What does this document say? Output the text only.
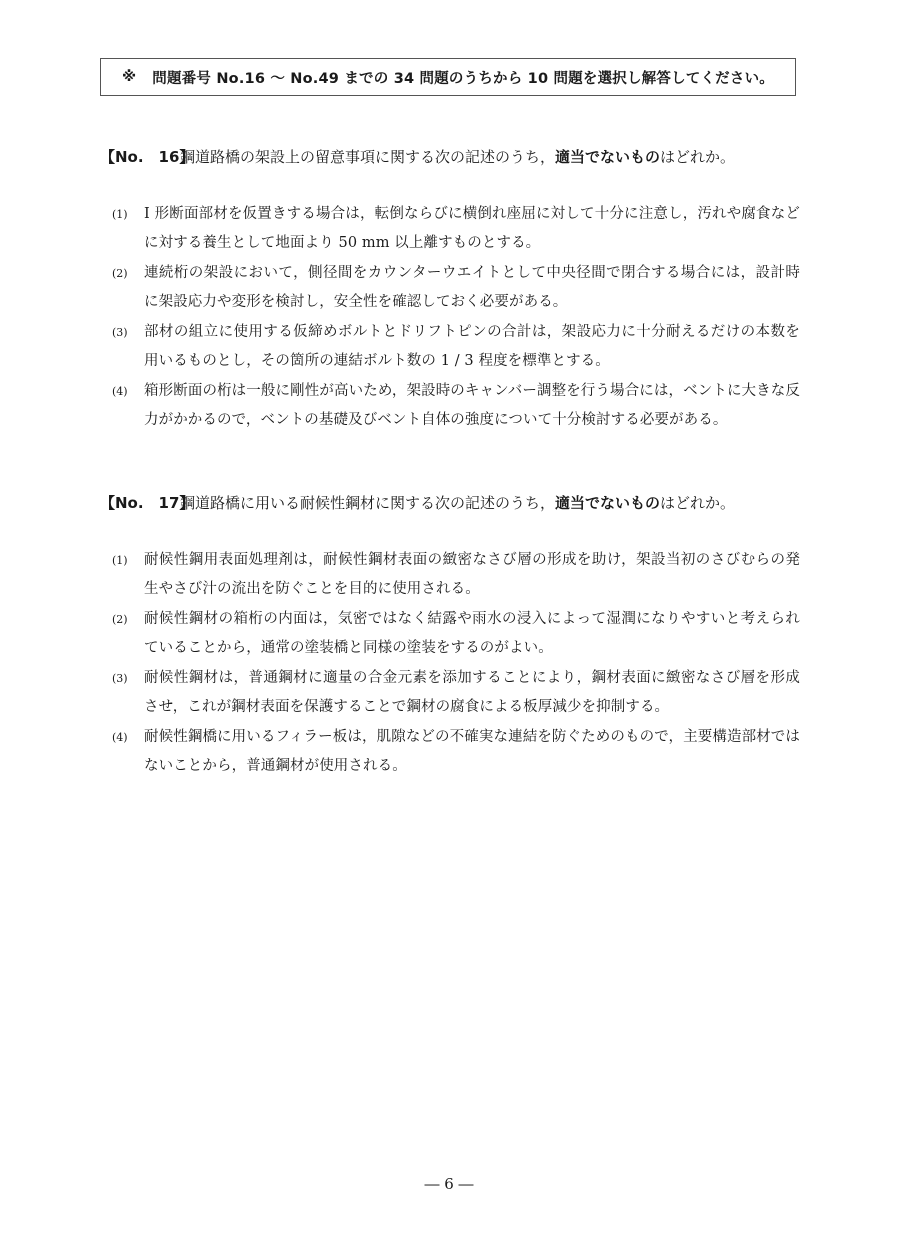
※ 問題番号 No.16 ～ No.49 までの 34 問題のうちから 10 問題を選択し解答してください。
【No.　16】鋼道路橋の架設上の留意事項に関する次の記述のうち，適当でないものはどれか。
(1)	I 形断面部材を仮置きする場合は，転倒ならびに横倒れ座屈に対して十分に注意し，汚れや腐食などに対する養生として地面より 50 mm 以上離すものとする。
(2)	連続桁の架設において，側径間をカウンターウエイトとして中央径間で閉合する場合には，設計時に架設応力や変形を検討し，安全性を確認しておく必要がある。
(3)	部材の組立に使用する仮締めボルトとドリフトピンの合計は，架設応力に十分耐えるだけの本数を用いるものとし，その箇所の連結ボルト数の 1 / 3 程度を標準とする。
(4)	箱形断面の桁は一般に剛性が高いため，架設時のキャンバー調整を行う場合には，ベントに大きな反力がかかるので，ベントの基礎及びベント自体の強度について十分検討する必要がある。
【No.　17】鋼道路橋に用いる耐候性鋼材に関する次の記述のうち，適当でないものはどれか。
(1)	耐候性鋼用表面処理剤は，耐候性鋼材表面の緻密なさび層の形成を助け，架設当初のさびむらの発生やさび汁の流出を防ぐことを目的に使用される。
(2)	耐候性鋼材の箱桁の内面は，気密ではなく結露や雨水の浸入によって湿潤になりやすいと考えられていることから，通常の塗装橋と同様の塗装をするのがよい。
(3)	耐候性鋼材は，普通鋼材に適量の合金元素を添加することにより，鋼材表面に緻密なさび層を形成させ，これが鋼材表面を保護することで鋼材の腐食による板厚減少を抑制する。
(4)	耐候性鋼橋に用いるフィラー板は，肌隙などの不確実な連結を防ぐためのもので，主要構造部材ではないことから，普通鋼材が使用される。
― 6 ―
